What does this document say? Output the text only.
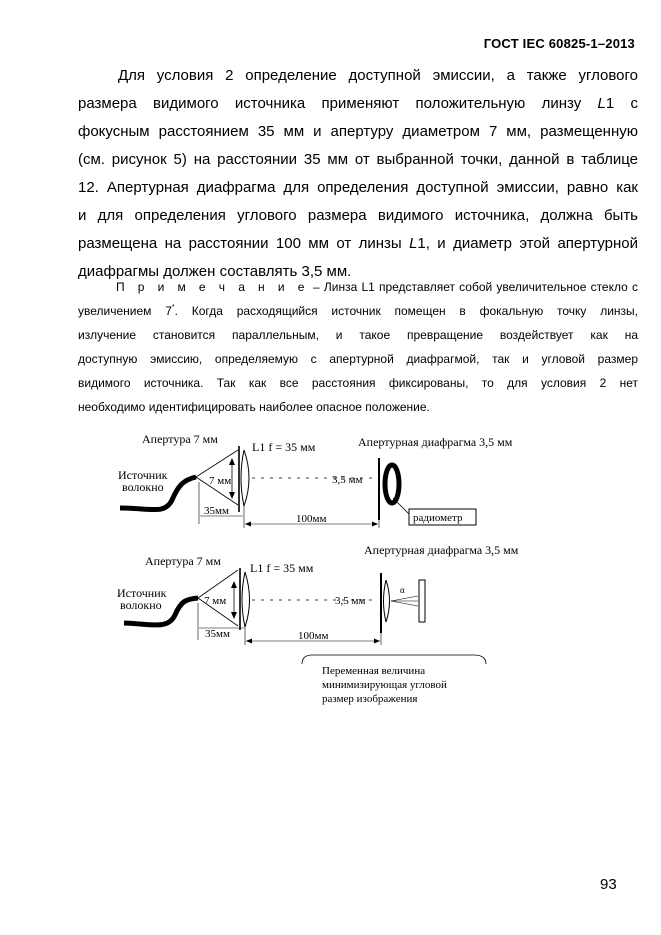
ГОСТ IEC 60825-1–2013
Для условия 2 определение доступной эмиссии, а также углового
размера видимого источника применяют положительную линзу L1 с
фокусным расстоянием 35 мм и апертуру диаметром 7 мм, размещенную
(см. рисунок 5) на расстоянии 35 мм от выбранной точки, данной в таблице
12. Апертурная диафрагма для определения доступной эмиссии, равно как
и для определения углового размера видимого источника, должна быть
размещена на расстоянии 100 мм от линзы L1, и диаметр этой апертурной
диафрагмы должен составлять 3,5 мм.
П р и м е ч а н и е – Линза L1 представляет собой увеличительное стекло с
увеличением 7*. Когда расходящийся источник помещен в фокальную точку линзы,
излучение становится параллельным, и такое превращение воздействует как на
доступную эмиссию, определяемую с апертурной диафрагмой, так и угловой размер
видимого источника. Так как все расстояния фиксированы, то для условия 2 нет
необходимо идентифицировать наиболее опасное положение.
Апертура 7 мм
L1 f = 35 мм	Апертурная диафрагма 3,5 мм
Источник
волокно	7 мм	3,5 мм
радиометр
35мм
100мм
Апертура 7 мм L1 f = 35 мм
Апертурная диафрагма 3,5 мм
Источник
волокно	7 мм	3,5 мм
α
35мм	100мм
Переменная величина
минимизирующая угловой
размер изображения
93
